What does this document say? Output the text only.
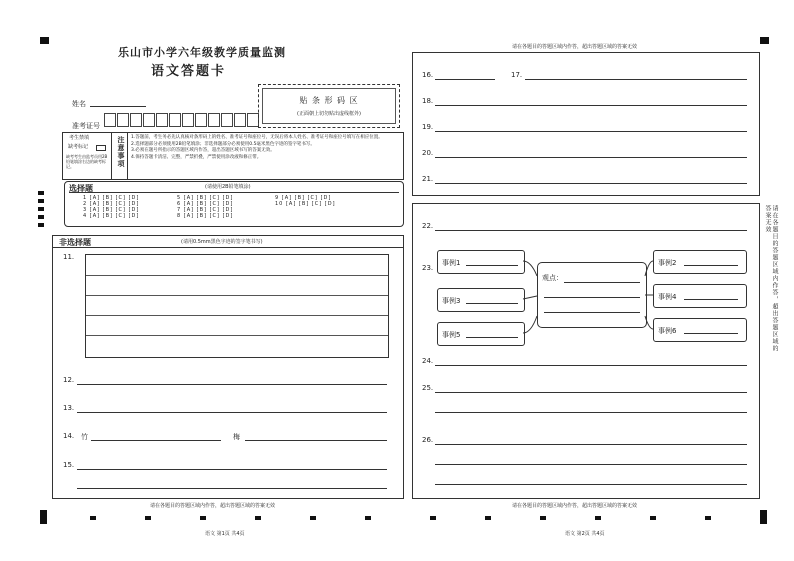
乐山市小学六年级教学质量监测
语文答题卡
姓名
准考证号
贴 条 形 码 区
(正面朝上切勿贴出虚线框外)
考生禁填
缺考标记
缺考考生由监考员用2B铅笔填涂右边的缺考标记。	注意事项 1.答题前，考生务必先认真核对条形码上的姓名、准考证号和座位号，无误后将本人姓名、准考证号和座位号填写在相应位置。
2.选择题部分必须使用2B铅笔填涂；非选择题部分必须使用0.5毫米黑色字迹的签字笔书写。
3.必须在题号所指示的答题区域内作答，超出答题区域书写的答案无效。
4.保持答题卡清洁、完整，严禁折叠，严禁使用涂改液和修正带。
选择题	(请使用2B铅笔填涂)
1 [A] [B] [C] [D]
2 [A] [B] [C] [D]
3 [A] [B] [C] [D]
4 [A] [B] [C] [D]
5 [A] [B] [C] [D]
6 [A] [B] [C] [D]
7 [A] [B] [C] [D]
8 [A] [B] [C] [D]
9 [A] [B] [C] [D]
10 [A] [B] [C] [D]
非选择题	(请用0.5mm黑色字迹的签字笔书写)
11.
12.
13.
14. 竹	梅
15.
请在各题目的答题区域内作答，超出答题区域的答案无效
请在各题目的答题区域内作答，超出答题区域的答案无效
16.	17.
18.
19.
20.
21.
22.
23.
事例1
事例3
事例5
观点：
事例2
事例4
事例6
24.
25.
26.
请在各题目的答题区域内作答，超出答题区域的答案无效
请在各题目的答题区域内作答，超出答题区域的答案无效
语文 第1页 共4页	语文 第2页 共4页
